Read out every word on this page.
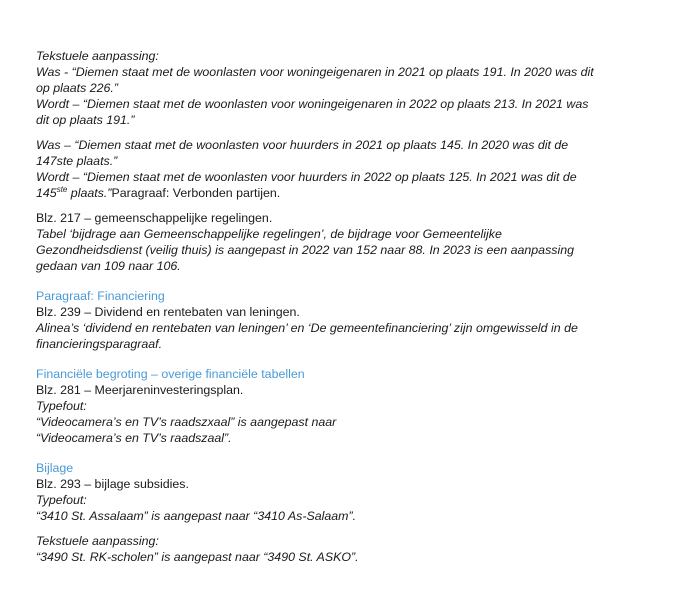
Tekstuele aanpassing:
Was - “Diemen staat met de woonlasten voor woningeigenaren in 2021 op plaats 191. In 2020 was dit
op plaats 226.”
Wordt – “Diemen staat met de woonlasten voor woningeigenaren in 2022 op plaats 213. In 2021 was
dit op plaats 191.”
Was – “Diemen staat met de woonlasten voor huurders in 2021 op plaats 145. In 2020 was dit de
147ste plaats.”
Wordt – “Diemen staat met de woonlasten voor huurders in 2022 op plaats 125. In 2021 was dit de
145ste plaats.”Paragraaf: Verbonden partijen.
Blz. 217 – gemeenschappelijke regelingen.
Tabel ‘bijdrage aan Gemeenschappelijke regelingen’, de bijdrage voor Gemeentelijke
Gezondheidsdienst (veilig thuis) is aangepast in 2022 van 152 naar 88. In 2023 is een aanpassing
gedaan van 109 naar 106.
Paragraaf: Financiering
Blz. 239 – Dividend en rentebaten van leningen.
Alinea’s ‘dividend en rentebaten van leningen’ en ‘De gemeentefinanciering’ zijn omgewisseld in de
financieringsparagraaf.
Financiële begroting – overige financiële tabellen
Blz. 281 – Meerjareninvesteringsplan.
Typefout:
“Videocamera’s en TV’s raadszxaal” is aangepast naar
“Videocamera’s en TV’s raadszaal”.
Bijlage
Blz. 293 – bijlage subsidies.
Typefout:
“3410 St. Assalaam” is aangepast naar “3410 As-Salaam”.
Tekstuele aanpassing:
“3490 St. RK-scholen” is aangepast naar “3490 St. ASKO”.
